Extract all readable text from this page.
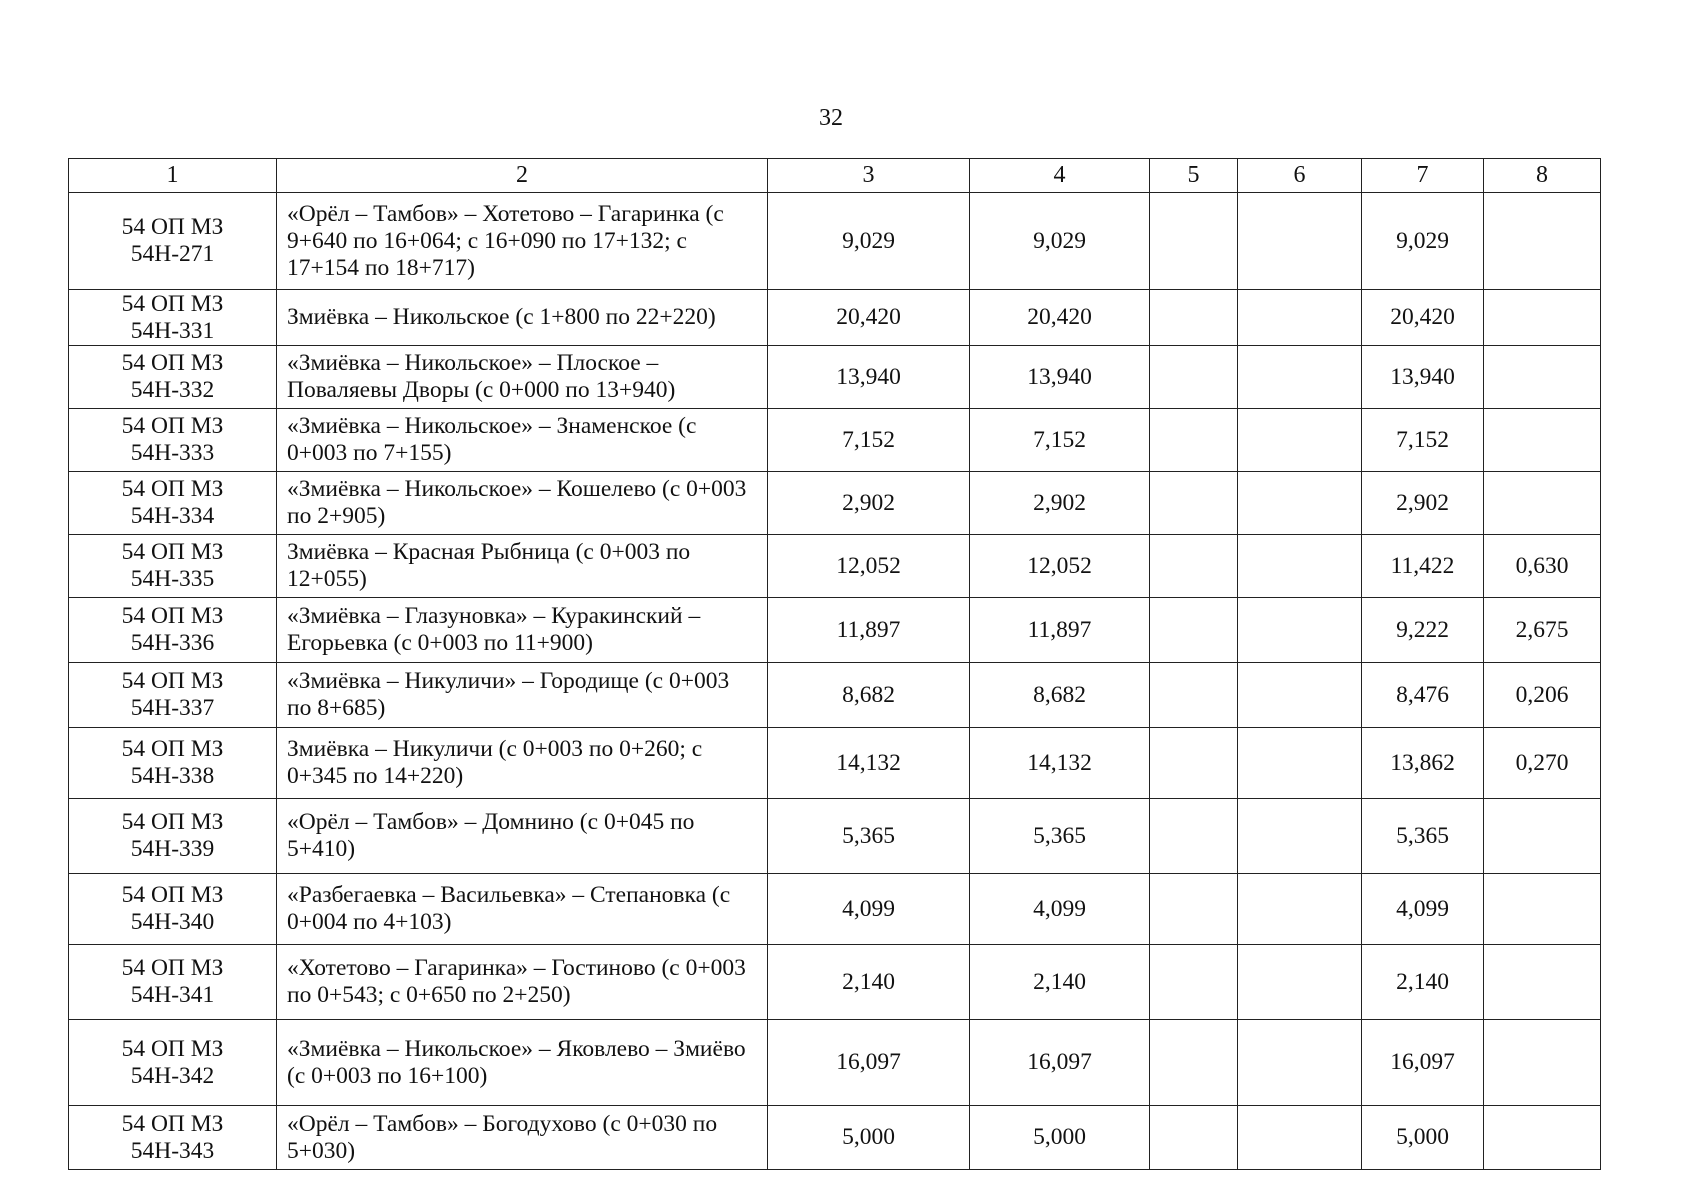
32
1	2	3	4	5	6	7	8
54 ОП МЗ 54Н-271	«Орёл – Тамбов» – Хотетово – Гагаринка (с 9+640 по 16+064; с 16+090 по 17+132; с 17+154 по 18+717)	9,029	9,029			9,029	
54 ОП МЗ 54Н-331	Змиёвка – Никольское (с 1+800 по 22+220)	20,420	20,420			20,420	
54 ОП МЗ 54Н-332	«Змиёвка – Никольское» – Плоское – Поваляевы Дворы (с 0+000 по 13+940)	13,940	13,940			13,940	
54 ОП МЗ 54Н-333	«Змиёвка – Никольское» – Знаменское (с 0+003 по 7+155)	7,152	7,152			7,152	
54 ОП МЗ 54Н-334	«Змиёвка – Никольское» – Кошелево (с 0+003 по 2+905)	2,902	2,902			2,902	
54 ОП МЗ 54Н-335	Змиёвка – Красная Рыбница (с 0+003 по 12+055)	12,052	12,052			11,422	0,630
54 ОП МЗ 54Н-336	«Змиёвка – Глазуновка» – Куракинский – Егорьевка (с 0+003 по 11+900)	11,897	11,897			9,222	2,675
54 ОП МЗ 54Н-337	«Змиёвка – Никуличи» – Городище (с 0+003 по 8+685)	8,682	8,682			8,476	0,206
54 ОП МЗ 54Н-338	Змиёвка – Никуличи (с 0+003 по 0+260; с 0+345 по 14+220)	14,132	14,132			13,862	0,270
54 ОП МЗ 54Н-339	«Орёл – Тамбов» – Домнино (с 0+045 по 5+410)	5,365	5,365			5,365	
54 ОП МЗ 54Н-340	«Разбегаевка – Васильевка» – Степановка (с 0+004 по 4+103)	4,099	4,099			4,099	
54 ОП МЗ 54Н-341	«Хотетово – Гагаринка» – Гостиново (с 0+003 по 0+543; с 0+650 по 2+250)	2,140	2,140			2,140	
54 ОП МЗ 54Н-342	«Змиёвка – Никольское» – Яковлево – Змиёво (с 0+003 по 16+100)	16,097	16,097			16,097	
54 ОП МЗ 54Н-343	«Орёл – Тамбов» – Богодухово (с 0+030 по 5+030)	5,000	5,000			5,000	
